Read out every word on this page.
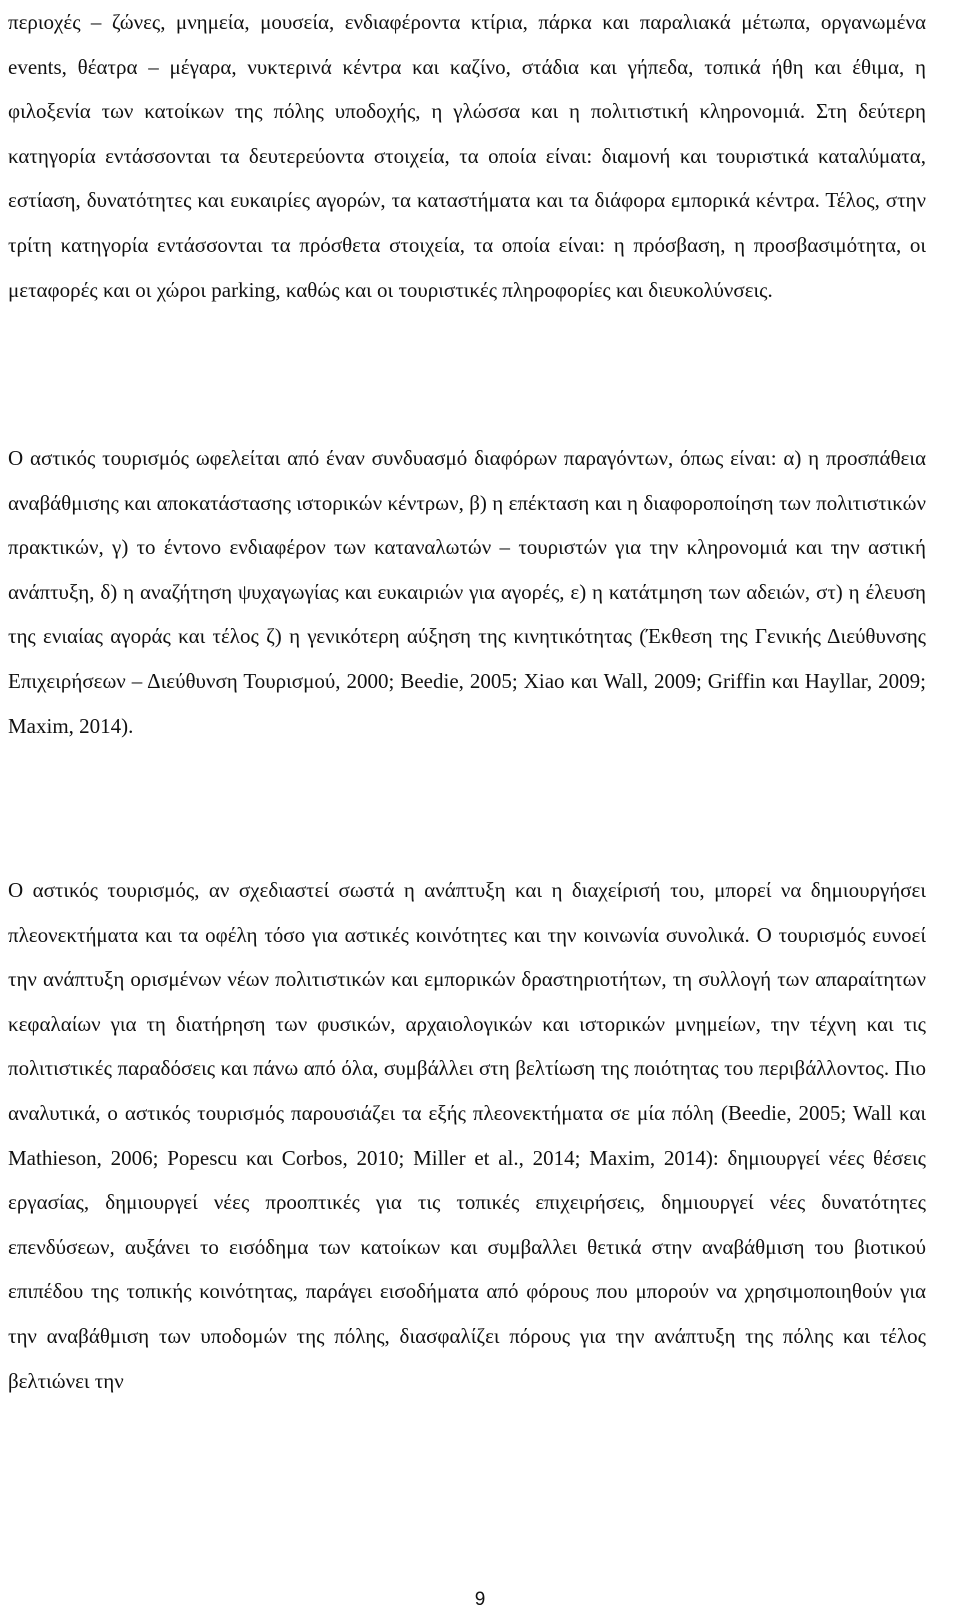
περιοχές – ζώνες, μνημεία, μουσεία, ενδιαφέροντα κτίρια, πάρκα και παραλιακά μέτωπα, οργανωμένα events, θέατρα – μέγαρα, νυκτερινά κέντρα και καζίνο, στάδια και γήπεδα, τοπικά ήθη και έθιμα, η φιλοξενία των κατοίκων της πόλης υποδοχής, η γλώσσα και η πολιτιστική κληρονομιά. Στη δεύτερη κατηγορία εντάσσονται τα δευτερεύοντα στοιχεία, τα οποία είναι: διαμονή και τουριστικά καταλύματα, εστίαση, δυνατότητες και ευκαιρίες αγορών, τα καταστήματα και τα διάφορα εμπορικά κέντρα. Τέλος, στην τρίτη κατηγορία εντάσσονται τα πρόσθετα στοιχεία, τα οποία είναι: η πρόσβαση, η προσβασιμότητα, οι μεταφορές και οι χώροι parking, καθώς και οι τουριστικές πληροφορίες και διευκολύνσεις.

Ο αστικός τουρισμός ωφελείται από έναν συνδυασμό διαφόρων παραγόντων, όπως είναι: α) η προσπάθεια αναβάθμισης και αποκατάστασης ιστορικών κέντρων, β) η επέκταση και η διαφοροποίηση των πολιτιστικών πρακτικών, γ) το έντονο ενδιαφέρον των καταναλωτών – τουριστών για την κληρονομιά και την αστική ανάπτυξη, δ) η αναζήτηση ψυχαγωγίας και ευκαιριών για αγορές, ε) η κατάτμηση των αδειών, στ) η έλευση της ενιαίας αγοράς και τέλος ζ) η γενικότερη αύξηση της κινητικότητας (Έκθεση της Γενικής Διεύθυνσης Επιχειρήσεων – Διεύθυνση Τουρισμού, 2000; Beedie, 2005; Xiao και Wall, 2009; Griffin και Hayllar, 2009; Maxim, 2014).

Ο αστικός τουρισμός, αν σχεδιαστεί σωστά η ανάπτυξη και η διαχείρισή του, μπορεί να δημιουργήσει πλεονεκτήματα και τα οφέλη τόσο για αστικές κοινότητες και την κοινωνία συνολικά. Ο τουρισμός ευνοεί την ανάπτυξη ορισμένων νέων πολιτιστικών και εμπορικών δραστηριοτήτων, τη συλλογή των απαραίτητων κεφαλαίων για τη διατήρηση των φυσικών, αρχαιολογικών και ιστορικών μνημείων, την τέχνη και τις πολιτιστικές παραδόσεις και πάνω από όλα, συμβάλλει στη βελτίωση της ποιότητας του περιβάλλοντος. Πιο αναλυτικά, ο αστικός τουρισμός παρουσιάζει τα εξής πλεονεκτήματα σε μία πόλη (Beedie, 2005; Wall και Mathieson, 2006; Popescu και Corbos, 2010; Miller et al., 2014; Maxim, 2014): δημιουργεί νέες θέσεις εργασίας, δημιουργεί νέες προοπτικές για τις τοπικές επιχειρήσεις, δημιουργεί νέες δυνατότητες επενδύσεων, αυξάνει το εισόδημα των κατοίκων και συμβαλλει θετικά στην αναβάθμιση του βιοτικού επιπέδου της τοπικής κοινότητας, παράγει εισοδήματα από φόρους που μπορούν να χρησιμοποιηθούν για την αναβάθμιση των υποδομών της πόλης, διασφαλίζει πόρους για την ανάπτυξη της πόλης και τέλος βελτιώνει την

9
